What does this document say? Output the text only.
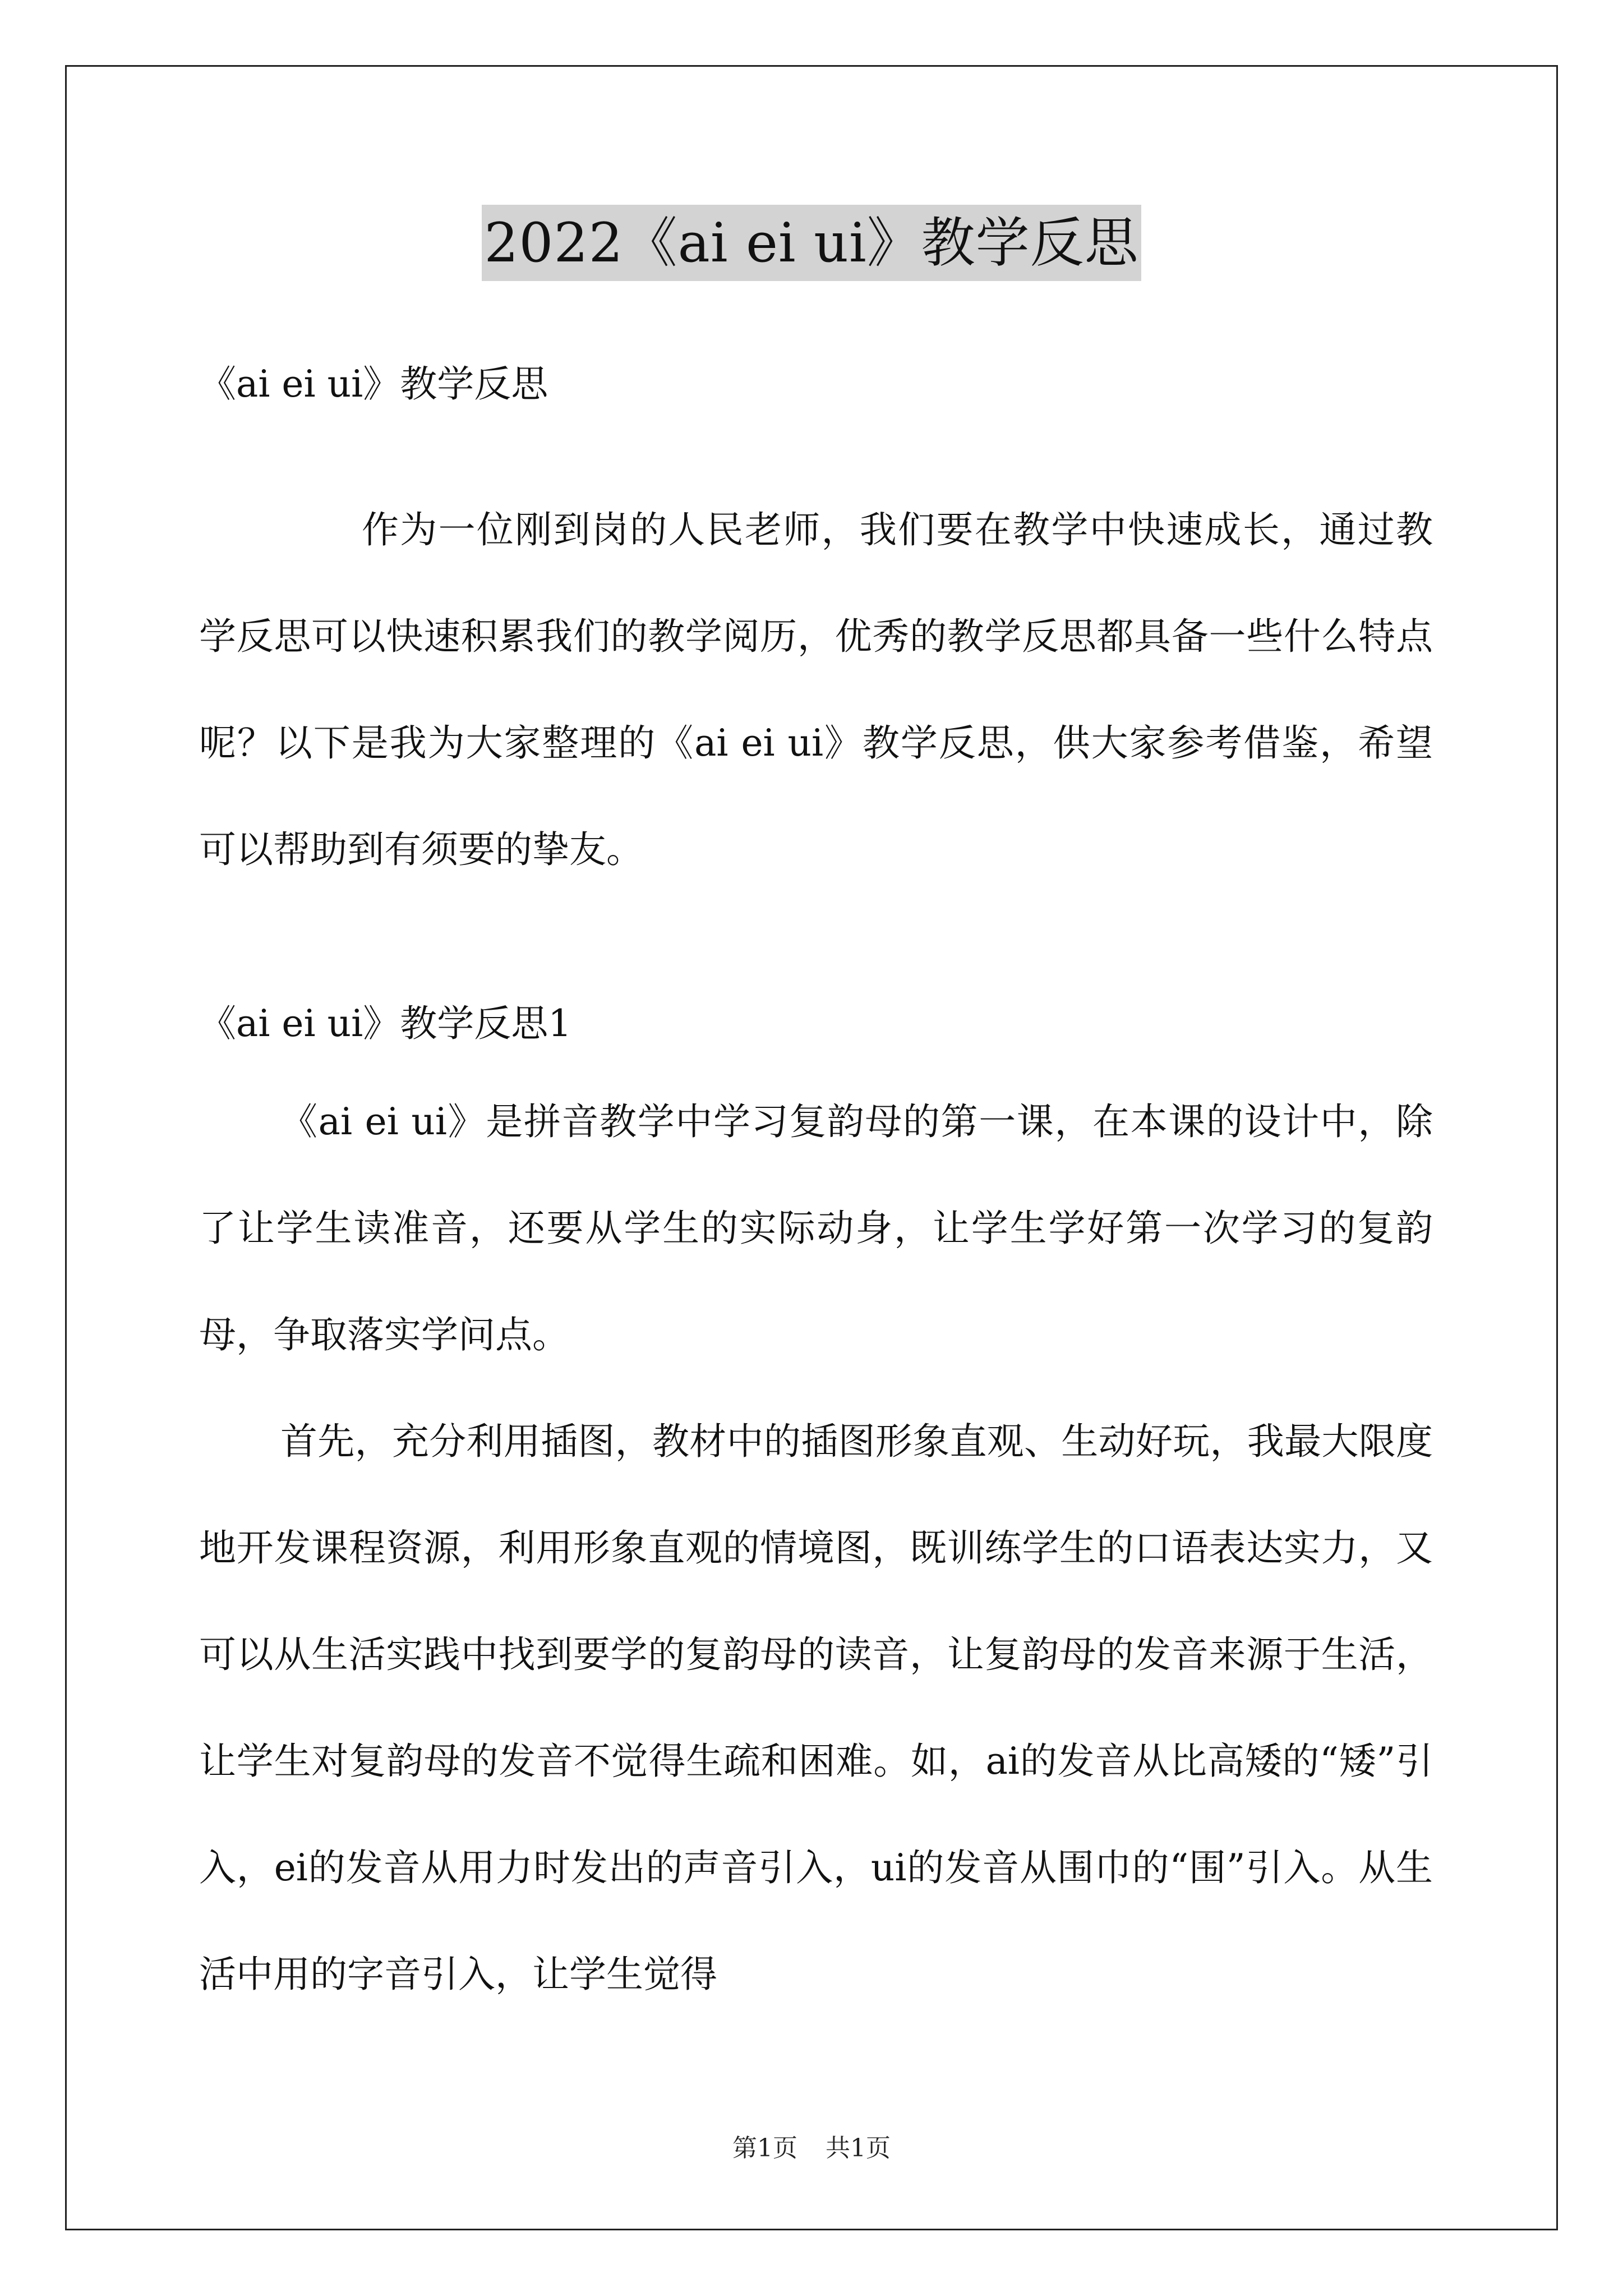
2022《ai ei ui》教学反思

《ai ei ui》教学反思

作为一位刚到岗的人民老师，我们要在教学中快速成长，通过教学反思可以快速积累我们的教学阅历，优秀的教学反思都具备一些什么特点呢？以下是我为大家整理的《ai ei ui》教学反思，供大家参考借鉴，希望可以帮助到有须要的挚友。

《ai ei ui》教学反思1

《ai ei ui》是拼音教学中学习复韵母的第一课，在本课的设计中，除了让学生读准音，还要从学生的实际动身，让学生学好第一次学习的复韵母，争取落实学问点。

首先，充分利用插图，教材中的插图形象直观、生动好玩，我最大限度地开发课程资源，利用形象直观的情境图，既训练学生的口语表达实力，又可以从生活实践中找到要学的复韵母的读音，让复韵母的发音来源于生活，让学生对复韵母的发音不觉得生疏和困难。如，ai的发音从比高矮的“矮”引入，ei的发音从用力时发出的声音引入，ui的发音从围巾的“围”引入。从生活中用的字音引入，让学生觉得

第1页 共1页
